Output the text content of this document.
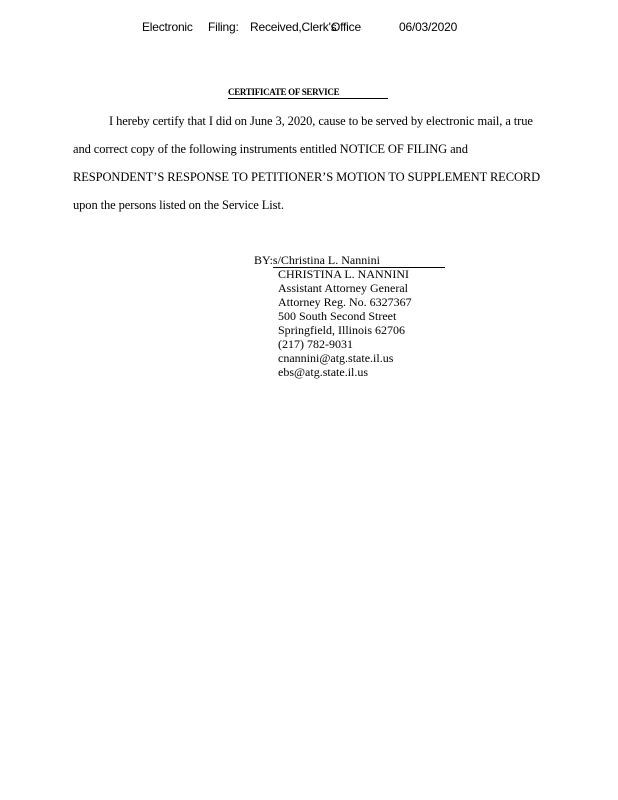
Electronic Filing: Received,Clerk's
Office	06/03/2020
CERTIFICATE OF SERVICE
I hereby certify that I did on June 3, 2020, cause to be served by electronic mail, a true
and correct copy of the following instruments entitled NOTICE OF FILING and
RESPONDENT’S RESPONSE TO PETITIONER’S MOTION TO SUPPLEMENT RECORD
upon the persons listed on the Service List.
BY:s/Christina L. Nannini
CHRISTINA L. NANNINI
Assistant Attorney General
Attorney Reg. No. 6327367
500 South Second Street
Springfield, Illinois 62706
(217) 782-9031
cnannini@atg.state.il.us
ebs@atg.state.il.us
